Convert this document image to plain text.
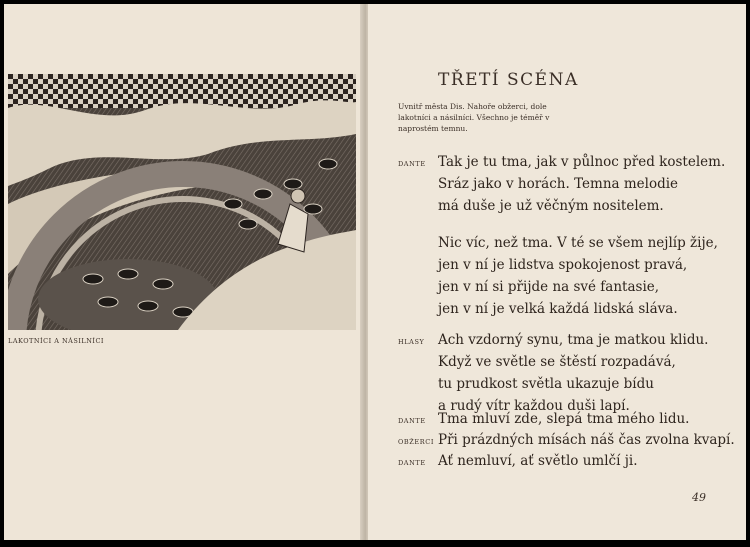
LAKOTNÍCI A NÁSILNÍCI
TŘETÍ SCÉNA
Uvnitř města Dis. Nahoře obžerci, dole lakotníci a násilníci. Všechno je téměř v naprostém temnu.
DANTE Tak je tu tma, jak v půlnoc před kostelem.
Sráz jako v horách. Temna melodie
má duše je už věčným nositelem.
Nic víc, než tma. V té se všem nejlíp žije,
jen v ní je lidstva spokojenost pravá,
jen v ní si přijde na své fantasie,
jen v ní je velká každá lidská sláva.
HLASY Ach vzdorný synu, tma je matkou klidu.
Když ve světle se štěstí rozpadává,
tu prudkost světla ukazuje bídu
a rudý vítr každou duši lapí.
DANTE Tma mluví zde, slepá tma mého lidu.
OBŽERCI Při prázdných mísách náš čas zvolna kvapí.
DANTE Ať nemluví, ať světlo umlčí ji.
49
